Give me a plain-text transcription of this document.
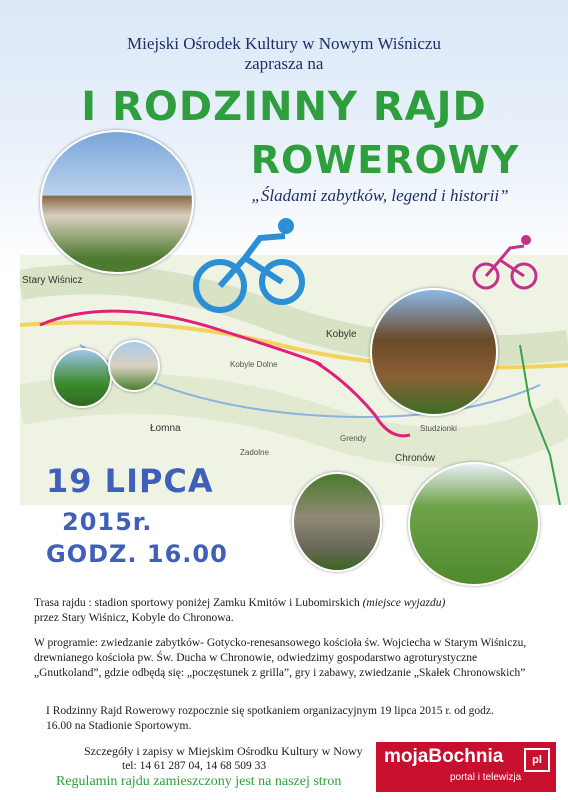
Miejski Ośrodek Kultury w Nowym Wiśniczu
zaprasza na
I RODZINNY RAJD
ROWEROWY
„Śladami zabytków, legend i historii”
Stary Wiśnicz
Kobyle
Chronów
Łomna
Kobyle Dolne
Grendy
Zadolne
Studzionki
19 LIPCA
2015r.
GODZ. 16.00
Trasa rajdu : stadion sportowy poniżej Zamku Kmitów i Lubomirskich (miejsce wyjazdu)
przez Stary Wiśnicz, Kobyle do Chronowa.
W programie: zwiedzanie zabytków- Gotycko-renesansowego kościoła św. Wojciecha w Starym Wiśniczu, drewnianego kościoła pw. Św. Ducha w Chronowie, odwiedzimy gospodarstwo agroturystyczne „Gnutkoland”, gdzie odbędą się: „poczęstunek z grilla”, gry i zabawy, zwiedzanie „Skałek Chronowskich”
I Rodzinny Rajd Rowerowy rozpocznie się spotkaniem organizacyjnym 19 lipca 2015 r. od godz. 16.00 na Stadionie Sportowym.
Szczegóły i zapisy w Miejskim Ośrodku Kultury w Nowy
tel: 14 61 287 04, 14 68 509 33
Regulamin rajdu zamieszczony jest na naszej stron
mojaBochnia	pl
portal i telewizja
